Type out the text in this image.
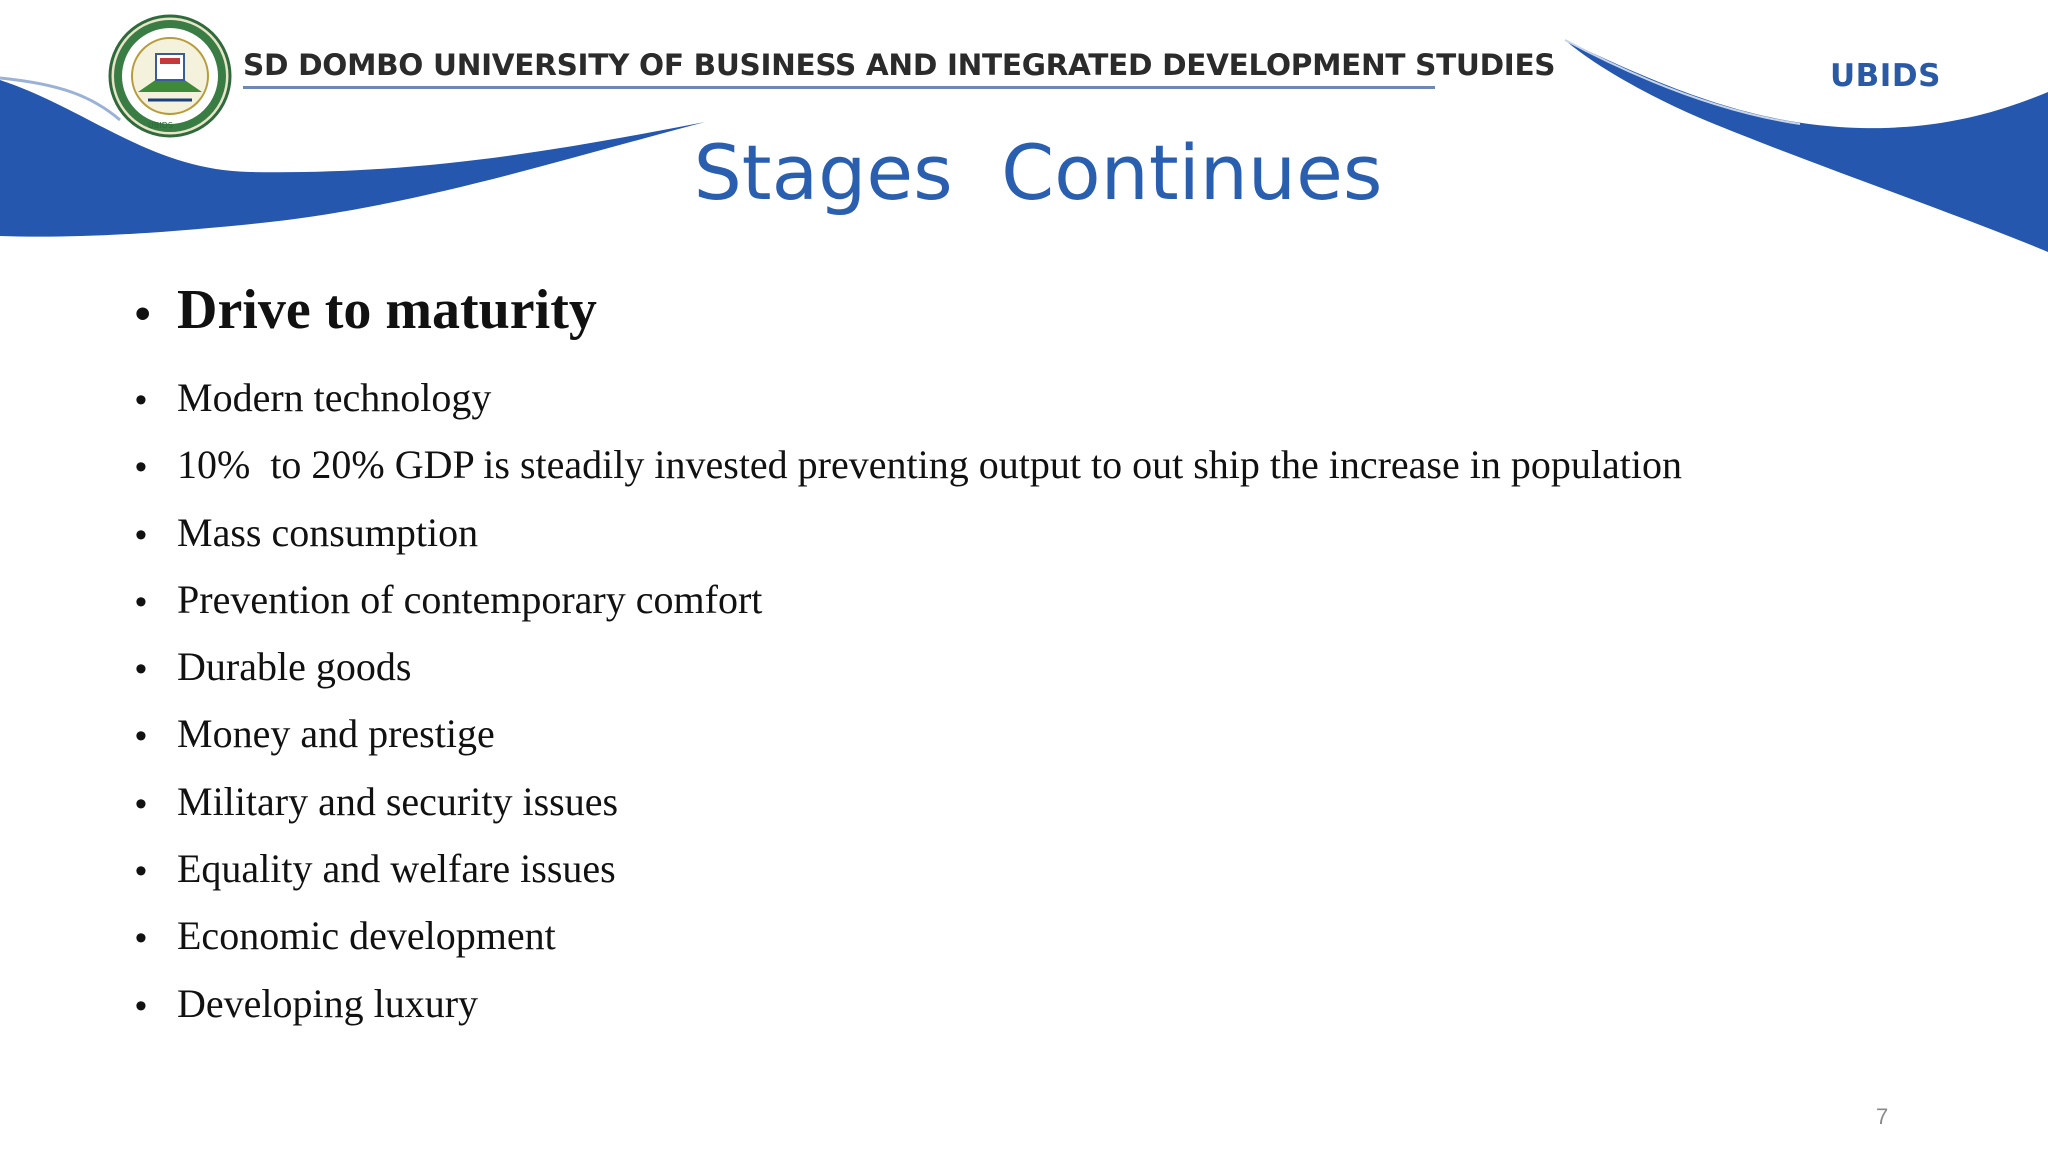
UBIDS
SD DOMBO UNIVERSITY OF BUSINESS AND INTEGRATED DEVELOPMENT STUDIES	UBIDS
Stages  Continues
• Drive to maturity
• Modern technology
• 10%  to 20% GDP is steadily invested preventing output to out ship the increase in population
• Mass consumption
• Prevention of contemporary comfort
• Durable goods
• Money and prestige
• Military and security issues
• Equality and welfare issues
• Economic development
• Developing luxury
7
